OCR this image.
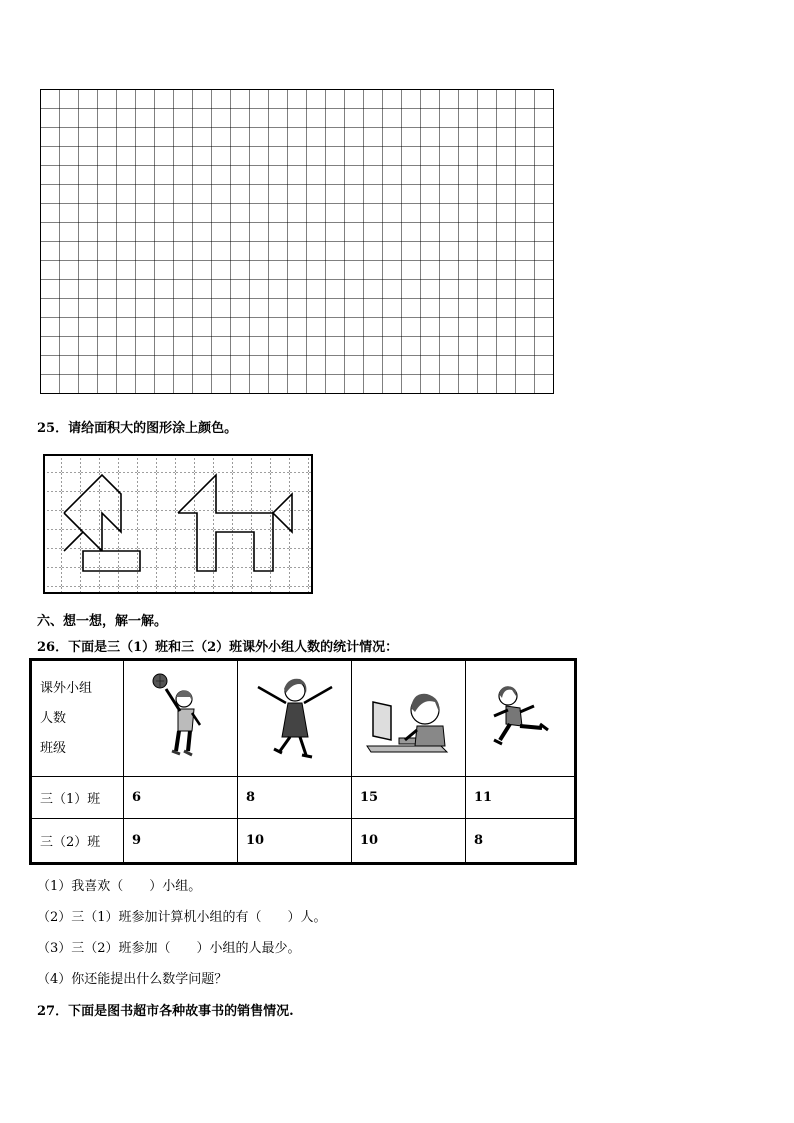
25．请给面积大的图形涂上颜色。
六、想一想，解一解。
26．下面是三（1）班和三（2）班课外小组人数的统计情况：
课外小组
人数
班级

三（1）班	6	8	15	11
三（2）班	9	10	10	8
（1）我喜欢（　　）小组。
（2）三（1）班参加计算机小组的有（　　）人。
（3）三（2）班参加（　　）小组的人最少。
（4）你还能提出什么数学问题？
27．下面是图书超市各种故事书的销售情况.
